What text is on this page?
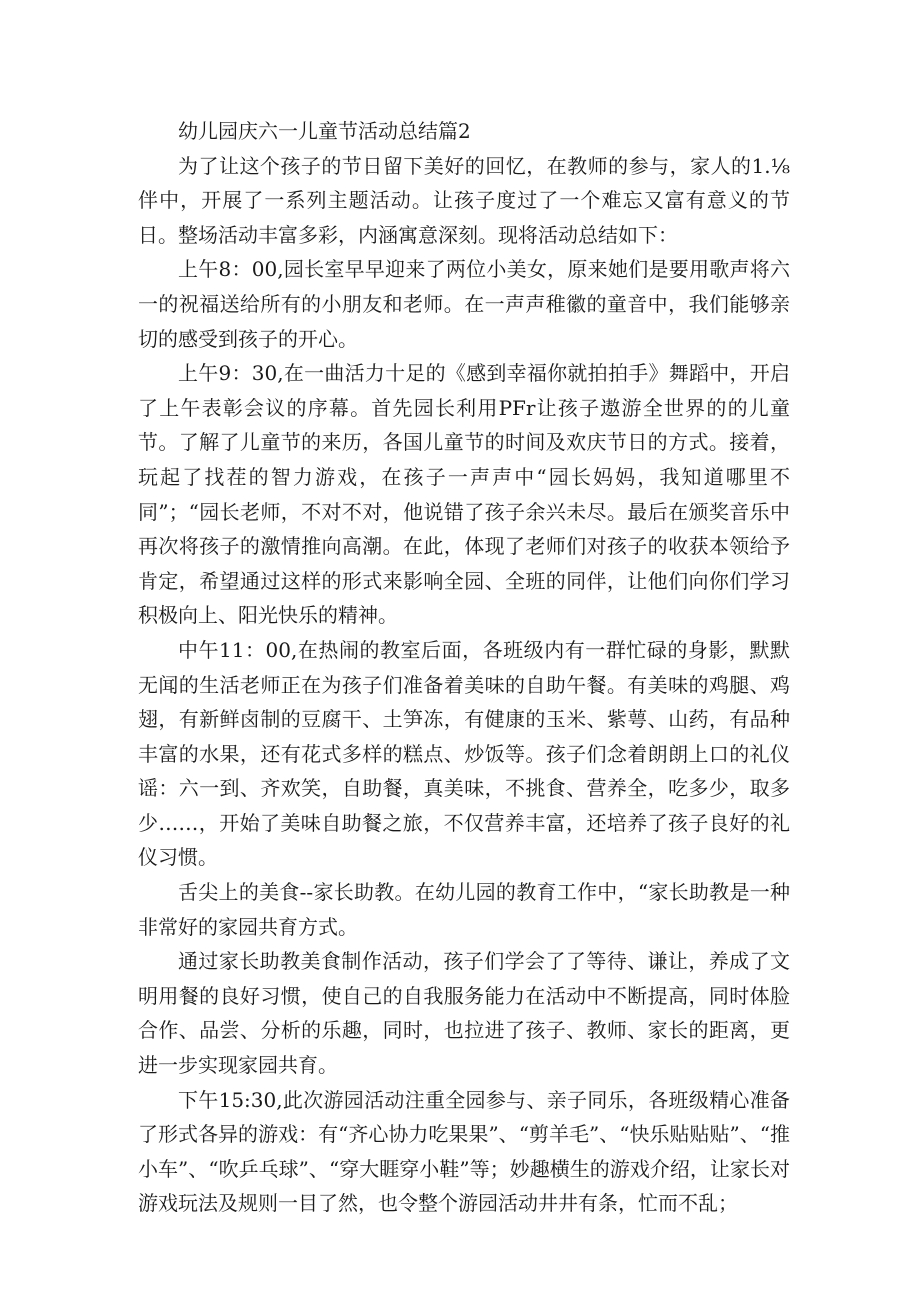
幼儿园庆六一儿童节活动总结篇2

为了让这个孩子的节日留下美好的回忆，在教师的参与，家人的1.⅛伴中，开展了一系列主题活动。让孩子度过了一个难忘又富有意义的节日。整场活动丰富多彩，内涵寓意深刻。现将活动总结如下：

上午8：00,园长室早早迎来了两位小美女，原来她们是要用歌声将六一的祝福送给所有的小朋友和老师。在一声声稚徽的童音中，我们能够亲切的感受到孩子的开心。

上午9：30,在一曲活力十足的《感到幸福你就拍拍手》舞蹈中，开启了上午表彰会议的序幕。首先园长利用PFr让孩子遨游全世界的的儿童节。了解了儿童节的来历，各国儿童节的时间及欢庆节日的方式。接着，玩起了找茬的智力游戏，在孩子一声声中“园长妈妈，我知道哪里不同”；“园长老师，不对不对，他说错了孩子余兴未尽。最后在颁奖音乐中再次将孩子的激情推向高潮。在此，体现了老师们对孩子的收获本领给予肯定，希望通过这样的形式来影响全园、全班的同伴，让他们向你们学习积极向上、阳光快乐的精神。

中午11：00,在热闹的教室后面，各班级内有一群忙碌的身影，默默无闻的生活老师正在为孩子们准备着美味的自助午餐。有美味的鸡腿、鸡翅，有新鲜卤制的豆腐干、土笋冻，有健康的玉米、紫萼、山药，有品种丰富的水果，还有花式多样的糕点、炒饭等。孩子们念着朗朗上口的礼仪谣：六一到、齐欢笑，自助餐，真美味，不挑食、营养全，吃多少，取多少……，开始了美味自助餐之旅，不仅营养丰富，还培养了孩子良好的礼仪习惯。

舌尖上的美食--家长助教。在幼儿园的教育工作中，“家长助教是一种非常好的家园共育方式。

通过家长助教美食制作活动，孩子们学会了了等待、谦让，养成了文明用餐的良好习惯，使自己的自我服务能力在活动中不断提高，同时体脸合作、品尝、分析的乐趣，同时，也拉进了孩子、教师、家长的距离，更进一步实现家园共育。

下午15:30,此次游园活动注重全园参与、亲子同乐，各班级精心准备了形式各异的游戏：有“齐心协力吃果果”、“剪羊毛”、“快乐贴贴贴”、“推小车”、“吹乒乓球”、“穿大睚穿小鞋”等；妙趣横生的游戏介绍，让家长对游戏玩法及规则一目了然，也令整个游园活动井井有条，忙而不乱；
